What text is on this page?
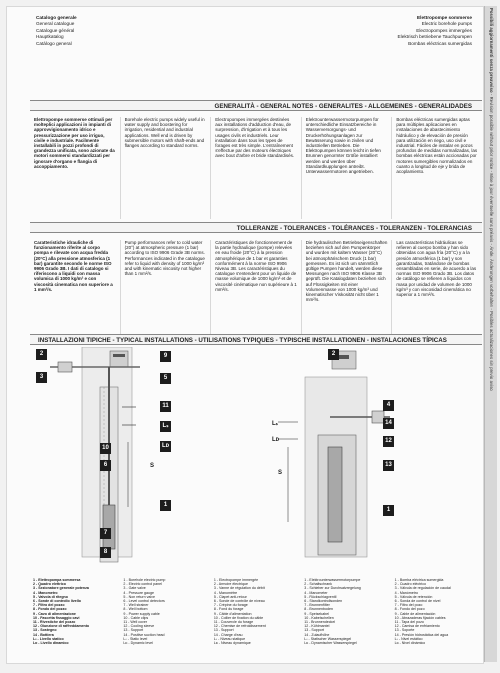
Possibili aggiornamenti senza preavviso - Revision possible without prior notice - Mise à jour éventuelle sans préavis - Ände. Änderungen vorbehalten - Posibles actualizaciones sin previo aviso
Catalogo generale
General catalogue
Catalogue général
Hauptkatalog
Catálogo general
Elettropompe sommerse
Electric borehole pumps
Electropompes immergées
Elektrisch betriebene Tauchpumpen
Bombas eléctricas sumergidas
GENERALITÀ - GENERAL NOTES - GENERALITES - ALLGEMEINES - GENERALIDADES
Elettropompe sommerse ottimali per molteplici applicazioni in impianti di approvvigionamento idrico e pressurizzazione per uso irriguo, civile e industriale. Facilmente installabili in pozzi profondi di grandezza unificata, sono azionate da motori sommersi standardizzati per ignorare d'organo e flangia di accoppiamento.
Borehole electric pumps widely useful in water supply and boostering for irrigation, residential and industrial applications. Well end is driven by submersible motors with shaft-ends and flanges according to standard norms.
Electropompes immergées destinées aux installations d'adduction d'eau, de surpression, d'irrigation et à tous les usages civils et industriels. Leur installation dans tous les types de forages est très simple. L'entraînement s'effectue par des moteurs électriques avec bout d'arbre et bride standardisés.
Elektrounterwassermotorpumpen für unterschiedliche Einsatzbereiche in Wasserversorgungs- und Druckerhöhungsanlagen zur Bewässerung sowie in zivilen und industriellen Betrieben. Die Elektropumpen können leicht in tiefen Brunnen genormter Größe installiert werden und werden über Standardkupplungen antreibt. Unterwassermotoren angetrieben.
Bombas eléctricas sumergidas aptas para múltiples aplicaciones en instalaciones de abastecimiento hidráulico y de elevación de presión para utilización en riego, uso civil e industrial. Fáciles de instalar en pozos profundos de medidas normalizadas, las bombas eléctricas están accionadas por motores sumergibles normalizados en cuanto a longitud de eje y brida de acoplamiento.
TOLLERANZE - TOLERANCES - TOLÉRANCES - TOLERANZEN - TOLERANCIAS
Caratteristiche idrauliche di funzionamento riferite al corpo pompa e rilevate con acqua fredda (20°C) alla pressione atmosferica (1 bar) garantite secondo le norme ISO 9906 Grado 3B. I dati di catalogo si riferiscono a liquidi con massa volumica di 1000 kg/m³ e con viscosità cinematica non superiore a 1 mm²/s.
Pump performances refer to cold water (20°) at atmospheric pressure (1 bar) according to ISO 9906 Grade 3B norms. Performances indicated in the catalogue refer to liquid with density of 1000 kg/m³ and with kinematic viscosity not higher than 1 mm²/s.
Caractéristiques de fonctionnement de la partie hydraulique (pompe) relevées en eau froide (20°C) à la pression atmosphérique de 1 bar et garanties conformément à la norme ISO 9906 Niveau 3B. Les caractéristiques du catalogue s'entendent pour un liquide de masse volumique de 1000 kg/m³ et de viscosité cinématique non supérieure à 1 mm²/s.
Die hydraulischen Betriebseigenschaften beziehen sich auf den Pumpenkörper und wurden mit kaltem Wasser (20°C) bei atmosphärischem Druck (1 bar) gemessen. Es ist sich um sämmtlich gültige Pumpen handelt, werden diese Messungen nach ISO 9906 Klasse 3B geprüft. Die Katalogdaten beziehen sich auf Flüssigkeiten mit einer Volumenmasse von 1000 kg/m³ und kinematischer Viskosität nicht über 1 mm²/s.
Las características hidráulicas se refieren al cuerpo bomba y han sido obtenidas con agua fría (20°C) y a la presión atmosférica (1 bar) y son garantizadas, tratándose de bombas ensambladas en serie, de acuerdo a las normas ISO 9906 Grado 3B. Los datos de catálogo se refieren a líquidos con masa por unidad de volumen de 1000 kg/m³ y con viscosidad cinemática no superior a 1 mm²/s.
INSTALLAZIONI TIPICHE - TYPICAL INSTALLATIONS - UTILISATIONS TYPIQUES - TYPISCHE INSTALLATIONEN - INSTALACIONES TÍPICAS
2
3
9
5
11
Lₛ
Lᴅ
10
6
1
7
8
S
2
4
14
12
13
1
Lₛ
Lᴅ
S
1 - Elettropompa sommersa
2 - Quadro elettrico
3 - Sezionatore generale potenza
4 - Manometro
5 - Valvola di ritegno
6 - Sonde di controllo livello
7 - Filtro del pozzo
8 - Fondo del pozzo
9 - Cavo di alimentazione
10 - Fascetta fissaggio cavi
11 - Rivestiche del pozzo
12 - Giunzione di raffreddamento
13 - Sostegno
14 - Bottiera
Lₛ - Livello statico
Lᴅ - Livello dinamico
1 - Borehole electric pump
2 - Electric control panel
3 - Gate valve
4 - Pressure gauge
5 - Non return valve
6 - Level control detectors
7 - Well strainer
8 - Well bottom
9 - Power supply cable
10 - Cable clips
11 - Well cover
12 - Cooling sleeve
13 - Support
14 - Positive suction head
Lₛ - Static level
Lᴅ - Dynamic level
1 - Electropompe immergée
2 - Armoire électrique
3 - Vanne de régulation du débit
4 - Manomètre
5 - Clapet anti-retour
6 - Sonde de contrôle de niveau
7 - Crépine du forage
8 - Fond du forage
9 - Câble d'alimentation
10 - Collier de fixation du câble
11 - Couvercle du forage
12 - Chemise de refroidissement
13 - Support
14 - Charge d'eau
Lₛ - Niveau statique
Lᴅ - Niveau dynamique
1 - Elektrounterwassermotorpumpe
2 - Schaltschrank
3 - Schieber zur Durchsatzregelung
4 - Manometer
5 - Rückschlagventil
6 - Standkontrollsonden
7 - Brunnenfilter
8 - Brunnenboden
9 - Speisekabel
10 - Kabelschellen
11 - Brunnendeckel
12 - Kühlmantel
13 - Support
14 - Zulaufhöhe
Lₛ - Statischer Wasserspiegel
Lᴅ - Dynamischer Wasserspiegel
1 - Bomba eléctrica sumergida
2 - Cuadro eléctrico
3 - Válvula de regulación de caudal
4 - Manómetro
5 - Válvula de retención
6 - Sonda de control de nivel
7 - Filtro del pozo
8 - Fondo del pozo
9 - Cable de alimentación
10 - Abrazaderas fijación cables
11 - Tapa del pozo
12 - Camisa de enfriamiento
13 - Soporte
14 - Presión hidrostática del agua
Lₛ - Nivel estático
Lᴅ - Nivel dinámico
